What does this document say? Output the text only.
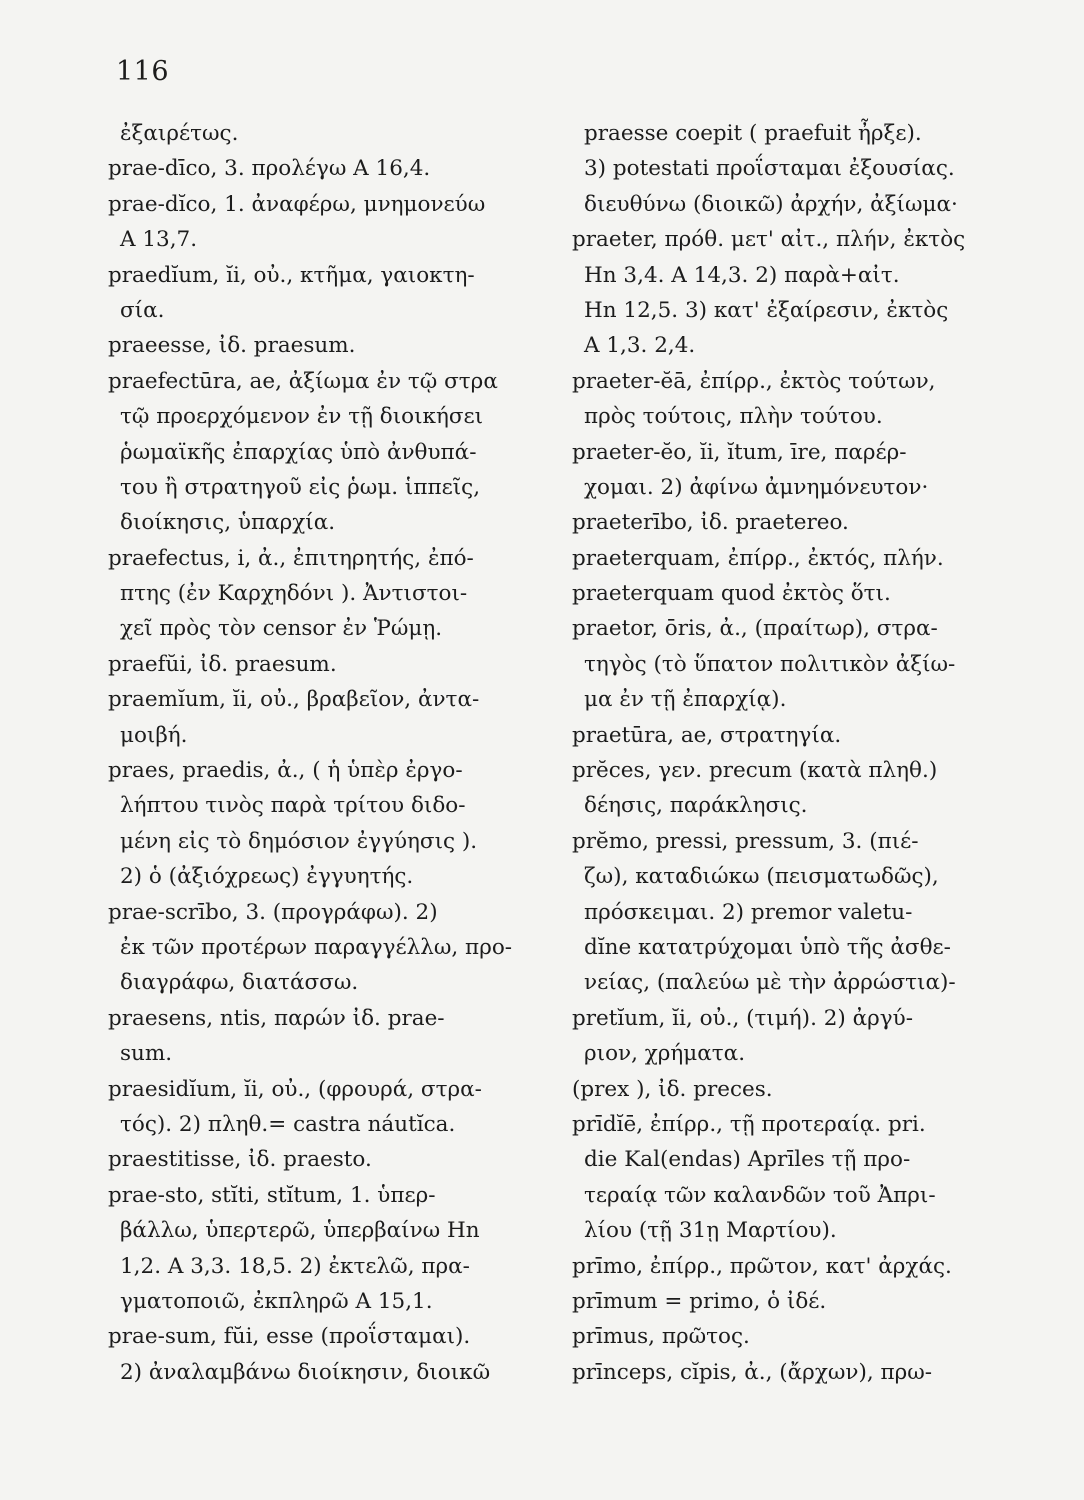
116
ἐξαιρέτως.
prae-dīco, 3. προλέγω A 16,4.
prae-dĭco, 1. ἀναφέρω, μνημονεύω
A 13,7.
praedĭum, ĭi, οὐ., κτῆμα, γαιοκτη-
σία.
praeesse, ἰδ. praesum.
praefectūra, ae, ἀξίωμα ἐν τῷ στρα
τῷ προερχόμενον ἐν τῇ διοικήσει
ῥωμαϊκῆς ἐπαρχίας ὑπὸ ἀνθυπά-
του ἢ στρατηγοῦ εἰς ῥωμ. ἱππεῖς,
διοίκησις, ὑπαρχία.
praefectus, i, ἀ., ἐπιτηρητής, ἐπό-
πτης (ἐν Καρχηδόνι ). Ἀντιστοι-
χεῖ πρὸς τὸν censor ἐν Ῥώμῃ.
praefŭi, ἰδ. praesum.
praemĭum, ĭi, οὐ., βραβεῖον, ἀντα-
μοιβή.
praes, praedis, ἀ., ( ἡ ὑπὲρ ἐργο-
λήπτου τινὸς παρὰ τρίτου διδο-
μένη εἰς τὸ δημόσιον ἐγγύησις ).
2) ὁ (ἀξιόχρεως) ἐγγυητής.
prae-scrībo, 3. (προγράφω). 2)
ἐκ τῶν προτέρων παραγγέλλω, προ-
διαγράφω, διατάσσω.
praesens, ntis, παρών ἰδ. prae-
sum.
praesidĭum, ĭi, οὐ., (φρουρά, στρα-
τός). 2) πληθ.= castra náutĭca.
praestitisse, ἰδ. praesto.
prae-sto, stĭti, stĭtum, 1. ὑπερ-
βάλλω, ὑπερτερῶ, ὑπερβαίνω Hn
1,2. A 3,3. 18,5. 2) ἐκτελῶ, πρα-
γματοποιῶ, ἐκπληρῶ A 15,1.
prae-sum, fŭi, esse (προΐσταμαι).
2) ἀναλαμβάνω διοίκησιν, διοικῶ
praesse coepit ( praefuit ἦρξε).
3) potestati προΐσταμαι ἐξουσίας.
διευθύνω (διοικῶ) ἀρχήν, ἀξίωμα·
praeter, πρόθ. μετ' αἰτ., πλήν, ἐκτὸς
Hn 3,4. A 14,3. 2) παρὰ+αἰτ.
Hn 12,5. 3) κατ' ἐξαίρεσιν, ἐκτὸς
A 1,3. 2,4.
praeter-ĕā, ἐπίρρ., ἐκτὸς τούτων,
πρὸς τούτοις, πλὴν τούτου.
praeter-ĕo, ĭi, ĭtum, īre, παρέρ-
χομαι. 2) ἀφίνω ἀμνημόνευτον·
praeterībo, ἰδ. praetereo.
praeterquam, ἐπίρρ., ἐκτός, πλήν.
praeterquam quod ἐκτὸς ὅτι.
praetor, ōris, ἀ., (πραίτωρ), στρα-
τηγὸς (τὸ ὕπατον πολιτικὸν ἀξίω-
μα ἐν τῇ ἐπαρχίᾳ).
praetūra, ae, στρατηγία.
prĕces, γεν. precum (κατὰ πληθ.)
δέησις, παράκλησις.
prĕmo, pressi, pressum, 3. (πιέ-
ζω), καταδιώκω (πεισματωδῶς),
πρόσκειμαι. 2) premor valetu-
dĭne κατατρύχομαι ὑπὸ τῆς ἀσθε-
νείας, (παλεύω μὲ τὴν ἀρρώστια)-
pretĭum, ĭi, οὐ., (τιμή). 2) ἀργύ-
ριον, χρήματα.
(prex ), ἰδ. preces.
prīdĭē, ἐπίρρ., τῇ προτεραίᾳ. pri.
die Kal(endas) Aprīles τῇ προ-
τεραίᾳ τῶν καλανδῶν τοῦ Ἀπρι-
λίου (τῇ 31ῃ Μαρτίου).
prīmo, ἐπίρρ., πρῶτον, κατ' ἀρχάς.
prīmum = primo, ὁ ἰδέ.
prīmus, πρῶτος.
prīnceps, cĭpis, ἀ., (ἄρχων), πρω-
